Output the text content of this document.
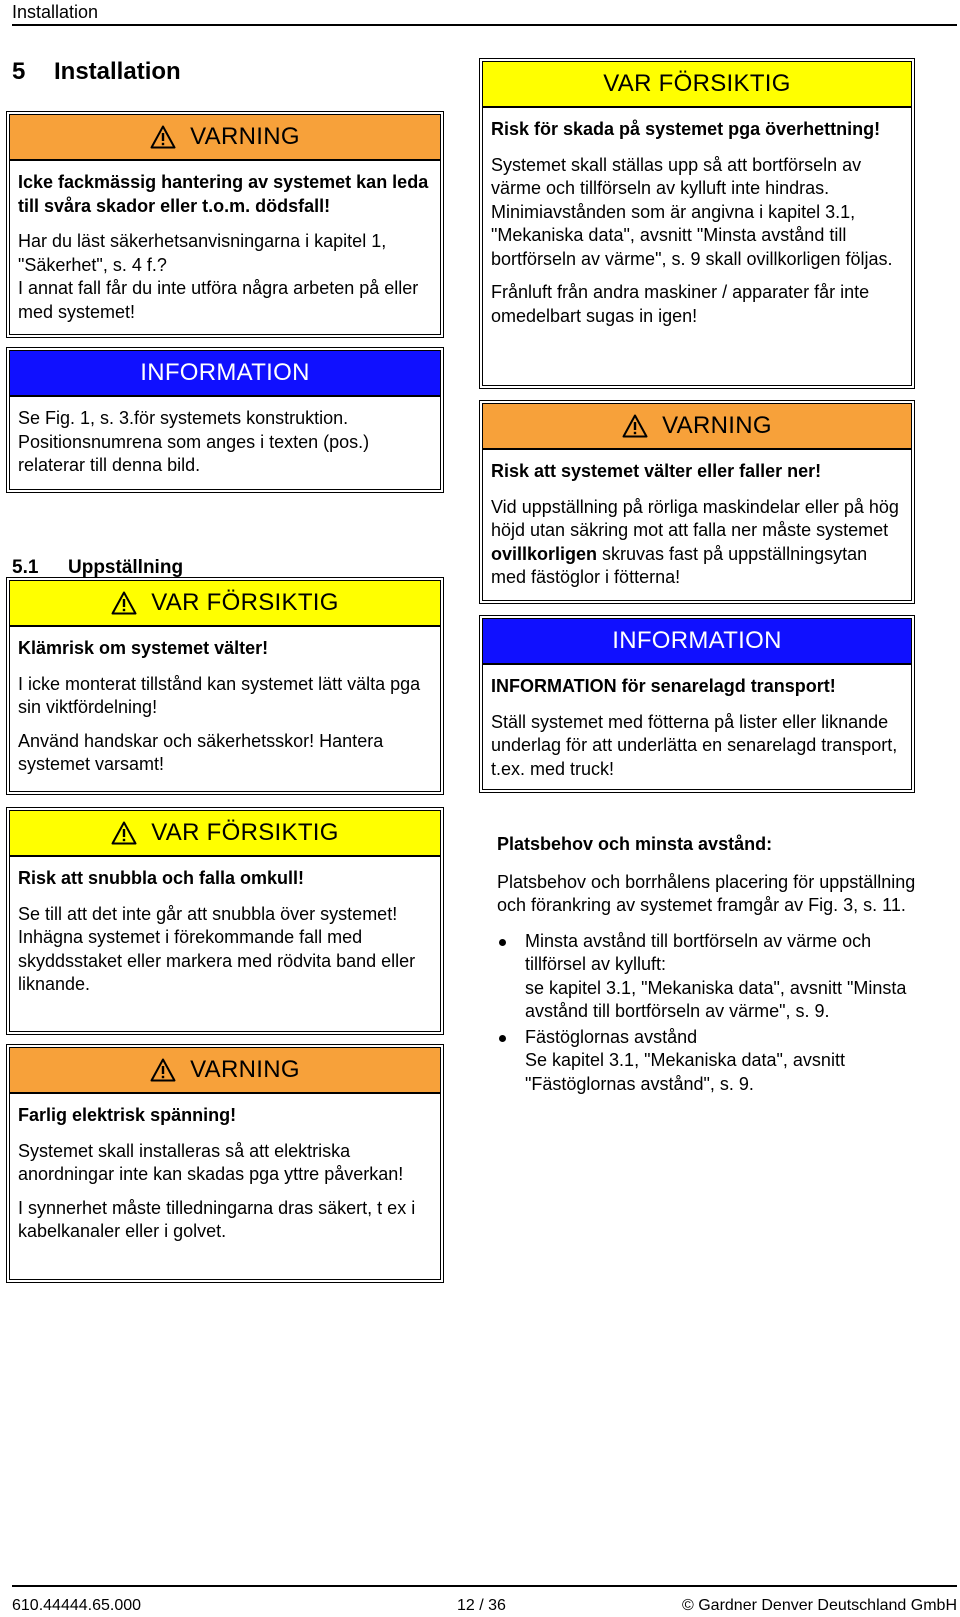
Installation
5 Installation
VARNING

Icke fackmässig hantering av systemet kan leda till svåra skador eller t.o.m. dödsfall!

Har du läst säkerhetsanvisningarna i kapitel 1, "Säkerhet", s. 4 f.?

I annat fall får du inte utföra några arbeten på eller med systemet!

INFORMATION

Se Fig. 1, s. 3.för systemets konstruktion. Positionsnumrena som anges i texten (pos.) relaterar till denna bild.

5.1 Uppställning
VAR FÖRSIKTIG

Klämrisk om systemet välter!

I icke monterat tillstånd kan systemet lätt välta pga sin viktfördelning!

Använd handskar och säkerhetsskor! Hantera systemet varsamt!

VAR FÖRSIKTIG

Risk att snubbla och falla omkull!

Se till att det inte går att snubbla över systemet!

Inhägna systemet i förekommande fall med skyddsstaket eller markera med rödvita band eller liknande.

VARNING

Farlig elektrisk spänning!

Systemet skall installeras så att elektriska anordningar inte kan skadas pga yttre påverkan!

I synnerhet måste tilledningarna dras säkert, t ex i kabelkanaler eller i golvet.

VAR FÖRSIKTIG

Risk för skada på systemet pga överhettning!

Systemet skall ställas upp så att bortförseln av värme och tillförseln av kylluft inte hindras. Minimiavstånden som är angivna i kapitel 3.1, "Mekaniska data", avsnitt "Minsta avstånd till bortförseln av värme", s. 9 skall ovillkorligen följas.

Frånluft från andra maskiner / apparater får inte omedelbart sugas in igen!

VARNING

Risk att systemet välter eller faller ner!

Vid uppställning på rörliga maskindelar eller på hög höjd utan säkring mot att falla ner måste systemet ovillkorligen skruvas fast på uppställningsytan med fästöglor i fötterna!

INFORMATION

INFORMATION för senarelagd transport!

Ställ systemet med fötterna på lister eller liknande underlag för att underlätta en senarelagd transport, t.ex. med truck!

Platsbehov och minsta avstånd:

Platsbehov och borrhålens placering för uppställning och förankring av systemet framgår av Fig. 3, s. 11.

Minsta avstånd till bortförseln av värme och tillförsel av kylluft:
se kapitel 3.1, "Mekaniska data", avsnitt "Minsta avstånd till bortförseln av värme", s. 9.
Fästöglornas avstånd
Se kapitel 3.1, "Mekaniska data", avsnitt "Fästöglornas avstånd", s. 9.
610.44444.65.000	12 / 36	© Gardner Denver Deutschland GmbH
